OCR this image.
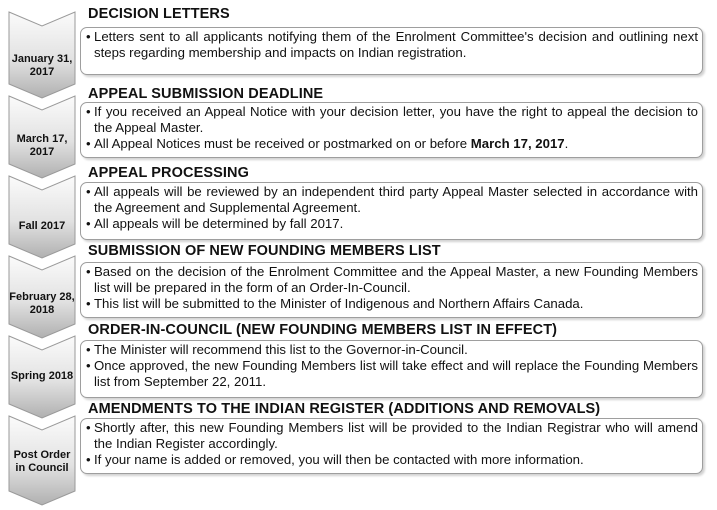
January 31, 2017
DECISION LETTERS
• Letters sent to all applicants notifying them of the Enrolment Committee's decision and outlining next steps regarding membership and impacts on Indian registration.
March 17, 2017
APPEAL SUBMISSION DEADLINE
• If you received an Appeal Notice with your decision letter, you have the right to appeal the decision to the Appeal Master.
• All Appeal Notices must be received or postmarked on or before March 17, 2017.
Fall 2017
APPEAL PROCESSING
• All appeals will be reviewed by an independent third party Appeal Master selected in accordance with the Agreement and Supplemental Agreement.
• All appeals will be determined by fall 2017.
February 28, 2018
SUBMISSION OF NEW FOUNDING MEMBERS LIST
• Based on the decision of the Enrolment Committee and the Appeal Master, a new Founding Members list will be prepared in the form of an Order-In-Council.
• This list will be submitted to the Minister of Indigenous and Northern Affairs Canada.
Spring 2018
ORDER-IN-COUNCIL (NEW FOUNDING MEMBERS LIST IN EFFECT)
• The Minister will recommend this list to the Governor-in-Council.
• Once approved, the new Founding Members list will take effect and will replace the Founding Members list from September 22, 2011.
Post Order in Council
AMENDMENTS TO THE INDIAN REGISTER (ADDITIONS AND REMOVALS)
• Shortly after, this new Founding Members list will be provided to the Indian Registrar who will amend the Indian Register accordingly.
• If your name is added or removed, you will then be contacted with more information.
